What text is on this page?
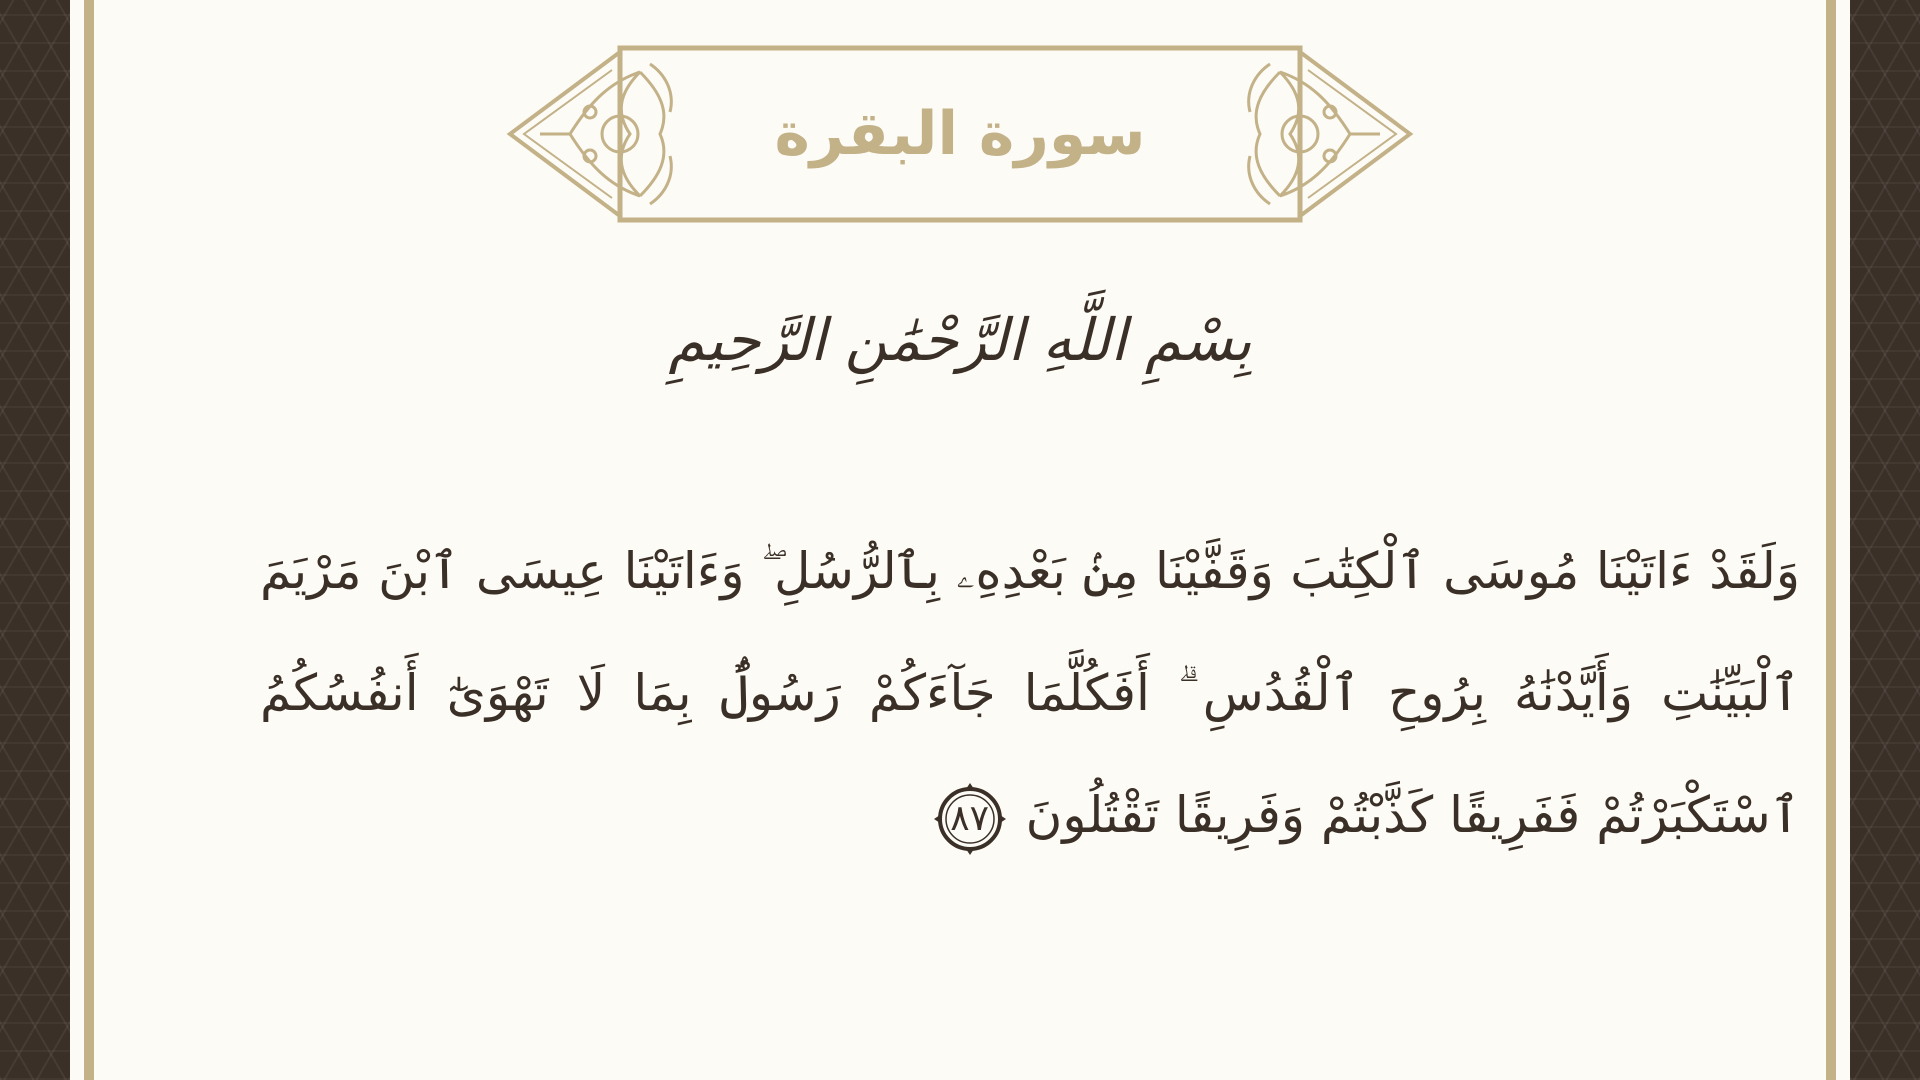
سورة البقرة
بِسْمِ اللَّهِ الرَّحْمَٰنِ الرَّحِيمِ
وَلَقَدْ ءَاتَيْنَا مُوسَى ٱلْكِتَٰبَ وَقَفَّيْنَا مِنۢ بَعْدِهِۦ بِٱلرُّسُلِ ۖ وَءَاتَيْنَا عِيسَى ٱبْنَ مَرْيَمَ ٱلْبَيِّنَٰتِ وَأَيَّدْنَٰهُ بِرُوحِ ٱلْقُدُسِ ۗ أَفَكُلَّمَا جَآءَكُمْ رَسُولٌۢ بِمَا لَا تَهْوَىٰٓ أَنفُسُكُمُ ٱسْتَكْبَرْتُمْ فَفَرِيقًا كَذَّبْتُمْ وَفَرِيقًا تَقْتُلُونَ
٨٧
